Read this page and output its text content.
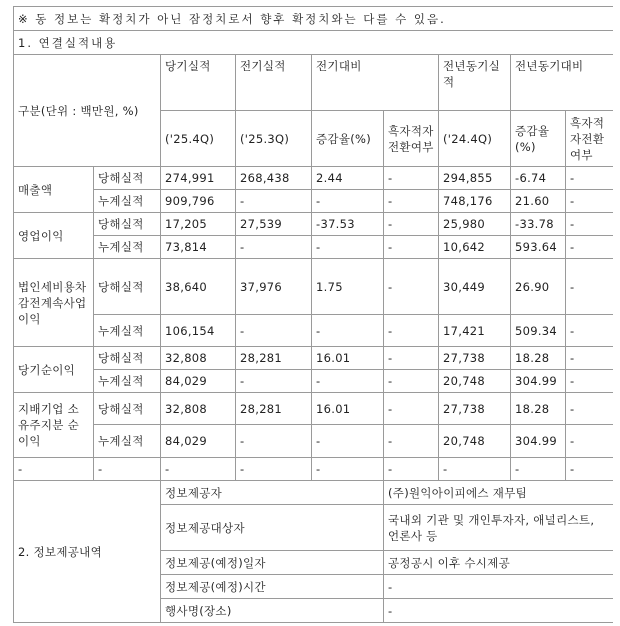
※ 동 정보는 확정치가 아닌 잠정치로서 향후 확정치와는 다를 수 있음.								
1. 연결실적내용								
구분(단위 : 백만원, %)		당기실적	전기실적	전기대비		전년동기실적	전년동기대비	
		('25.4Q)	('25.3Q)	증감율(%)	흑자적자전환여부	('24.4Q)	증감율(%)	흑자적자전환여부
매출액	당해실적	274,991	268,438	2.44	-	294,855	-6.74	-
	누계실적	909,796	-	-	-	748,176	21.60	-
영업이익	당해실적	17,205	27,539	-37.53	-	25,980	-33.78	-
	누계실적	73,814	-	-	-	10,642	593.64	-
법인세비용차감전계속사업이익	당해실적	38,640	37,976	1.75	-	30,449	26.90	-
	누계실적	106,154	-	-	-	17,421	509.34	-
당기순이익	당해실적	32,808	28,281	16.01	-	27,738	18.28	-
	누계실적	84,029	-	-	-	20,748	304.99	-
지배기업 소유주지분 순이익	당해실적	32,808	28,281	16.01	-	27,738	18.28	-
	누계실적	84,029	-	-	-	20,748	304.99	-
-	-	-	-	-	-	-	-	-
2. 정보제공내역		정보제공자			(주)원익아이피에스 재무팀			
		정보제공대상자			국내외 기관 및 개인투자자, 애널리스트, 언론사 등			
		정보제공(예정)일자			공정공시 이후 수시제공			
		정보제공(예정)시간			-			
		행사명(장소)			-			
